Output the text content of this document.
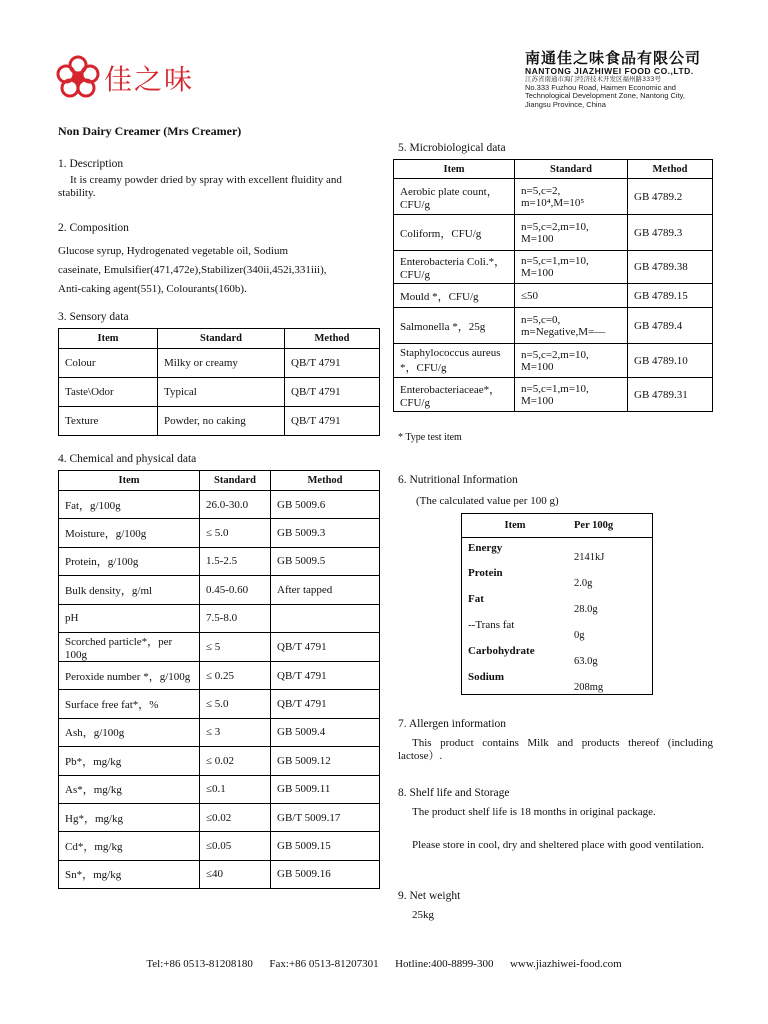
佳之味
南通佳之味食品有限公司
NANTONG JIAZHIWEI FOOD CO.,LTD.
江苏省南通市海门经济技术开发区福州路333号
No.333 Fuzhou Road, Haimen Economic and
Technological Development Zone, Nantong City,
Jiangsu Province, China
Non Dairy Creamer (Mrs Creamer)
1. Description
It is creamy powder dried by spray with excellent fluidity and stability.
2. Composition
Glucose syrup, Hydrogenated vegetable oil, Sodium
caseinate, Emulsifier(471,472e),Stabilizer(340ii,452i,331iii),
Anti-caking agent(551), Colourants(160b).
3. Sensory data
Item	Standard	Method
Colour	Milky or creamy	QB/T 4791
Taste\Odor	Typical	QB/T 4791
Texture	Powder, no caking	QB/T 4791
4. Chemical and physical data
Item	Standard	Method
Fat，g/100g	26.0-30.0	GB 5009.6
Moisture，g/100g	≤ 5.0	GB 5009.3
Protein，g/100g	1.5-2.5	GB 5009.5
Bulk density，g/ml	0.45-0.60	After tapped
pH	7.5-8.0	
Scorched particle*，per 100g	≤ 5	QB/T 4791
Peroxide number *，g/100g	≤ 0.25	QB/T 4791
Surface free fat*，%	≤ 5.0	QB/T 4791
Ash，g/100g	≤ 3	GB 5009.4
Pb*，mg/kg	≤ 0.02	GB 5009.12
As*，mg/kg	≤0.1	GB 5009.11
Hg*，mg/kg	≤0.02	GB/T 5009.17
Cd*，mg/kg	≤0.05	GB 5009.15
Sn*，mg/kg	≤40	GB 5009.16
5. Microbiological data
Item	Standard	Method
Aerobic plate count，CFU/g	n=5,c=2, m=10⁴,M=10⁵	GB 4789.2
Coliform，CFU/g	n=5,c=2,m=10, M=100	GB 4789.3
Enterobacteria Coli.*，CFU/g	n=5,c=1,m=10, M=100	GB 4789.38
Mould *，CFU/g	≤50	GB 4789.15
Salmonella *，25g	n=5,c=0, m=Negative,M=—	GB 4789.4
Staphylococcus aureus *，CFU/g	n=5,c=2,m=10, M=100	GB 4789.10
Enterobacteriaceae*，CFU/g	n=5,c=1,m=10, M=100	GB 4789.31
* Type test item
6. Nutritional Information
(The calculated value per 100 g)
Item	Per 100g
Energy	2141kJ
Protein	2.0g
Fat	28.0g
--Trans fat	0g
Carbohydrate	63.0g
Sodium	208mg
7. Allergen information
This product contains Milk and products thereof (including lactose）.
8. Shelf life and Storage
The product shelf life is 18 months in original package.
Please store in cool, dry and sheltered place with good ventilation.
9. Net weight
25kg
Tel:+86 0513-81208180 Fax:+86 0513-81207301 Hotline:400-8899-300 www.jiazhiwei-food.com
